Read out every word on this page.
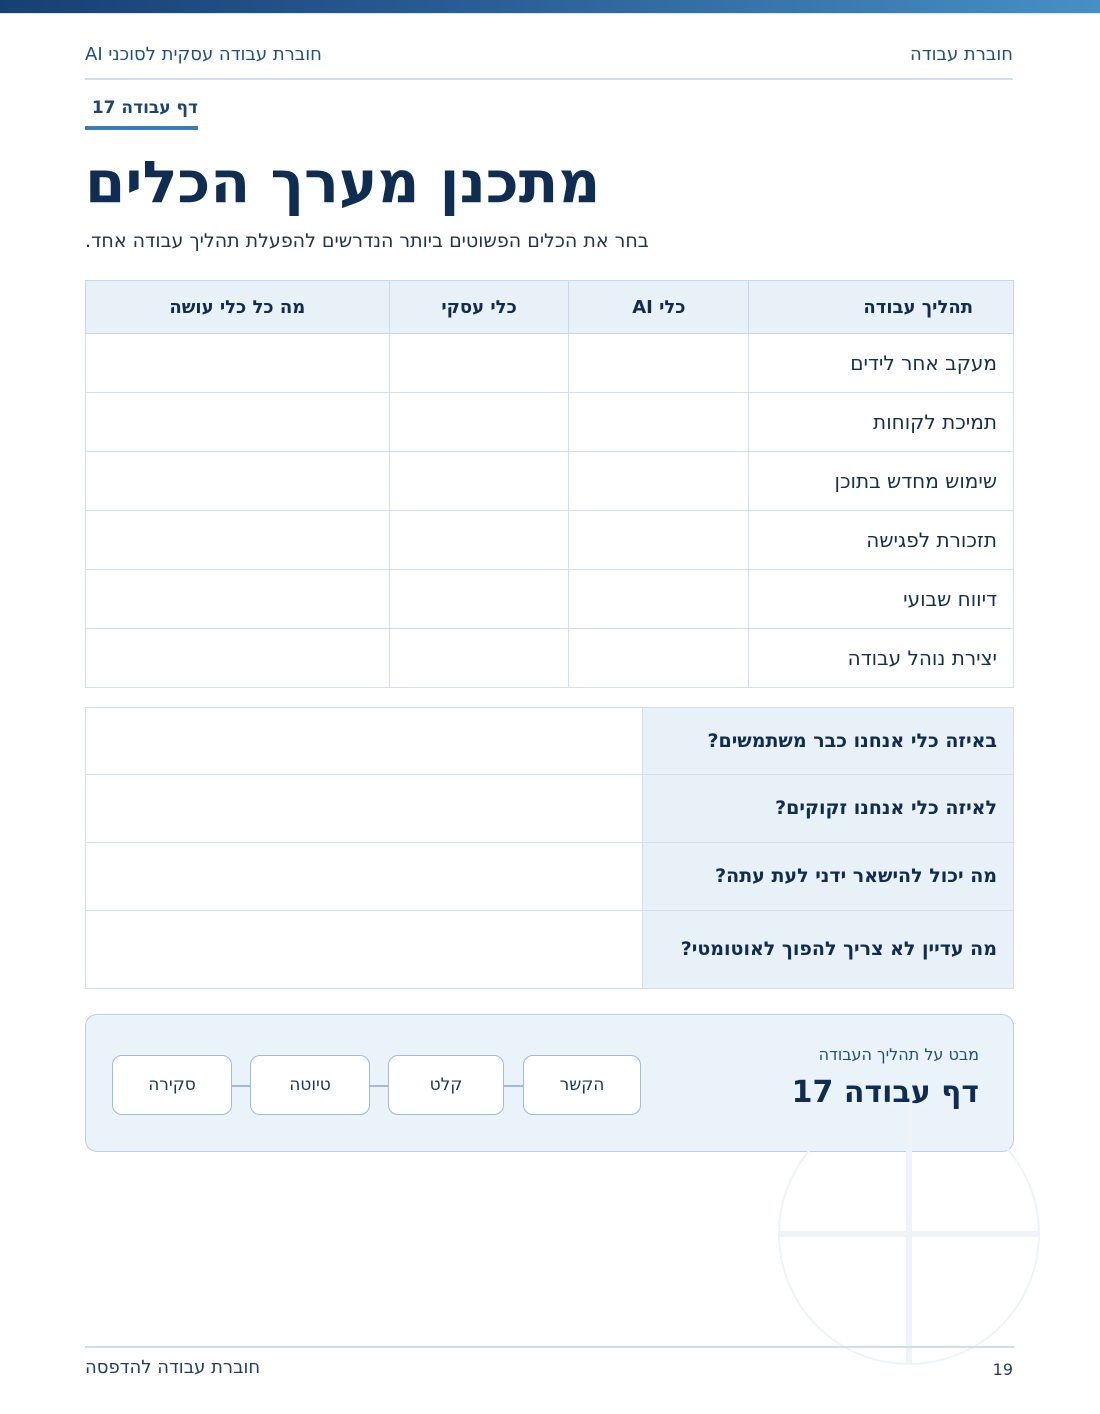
חוברת עבודה
חוברת עבודה עסקית לסוכני AI
דף עבודה 17
מתכנן מערך הכלים
בחר את הכלים הפשוטים ביותר הנדרשים להפעלת תהליך עבודה אחד.
תהליך עבודה	כלי AI	כלי עסקי	מה כל כלי עושה
מעקב אחר לידים			
תמיכת לקוחות			
שימוש מחדש בתוכן			
תזכורת לפגישה			
דיווח שבועי			
יצירת נוהל עבודה			
באיזה כלי אנחנו כבר משתמשים?	
לאיזה כלי אנחנו זקוקים?	
מה יכול להישאר ידני לעת עתה?	
מה עדיין לא צריך להפוך לאוטומטי?	
מבט על תהליך העבודה
דף עבודה 17
הקשר
קלט
טיוטה
סקירה
חוברת עבודה להדפסה	19
